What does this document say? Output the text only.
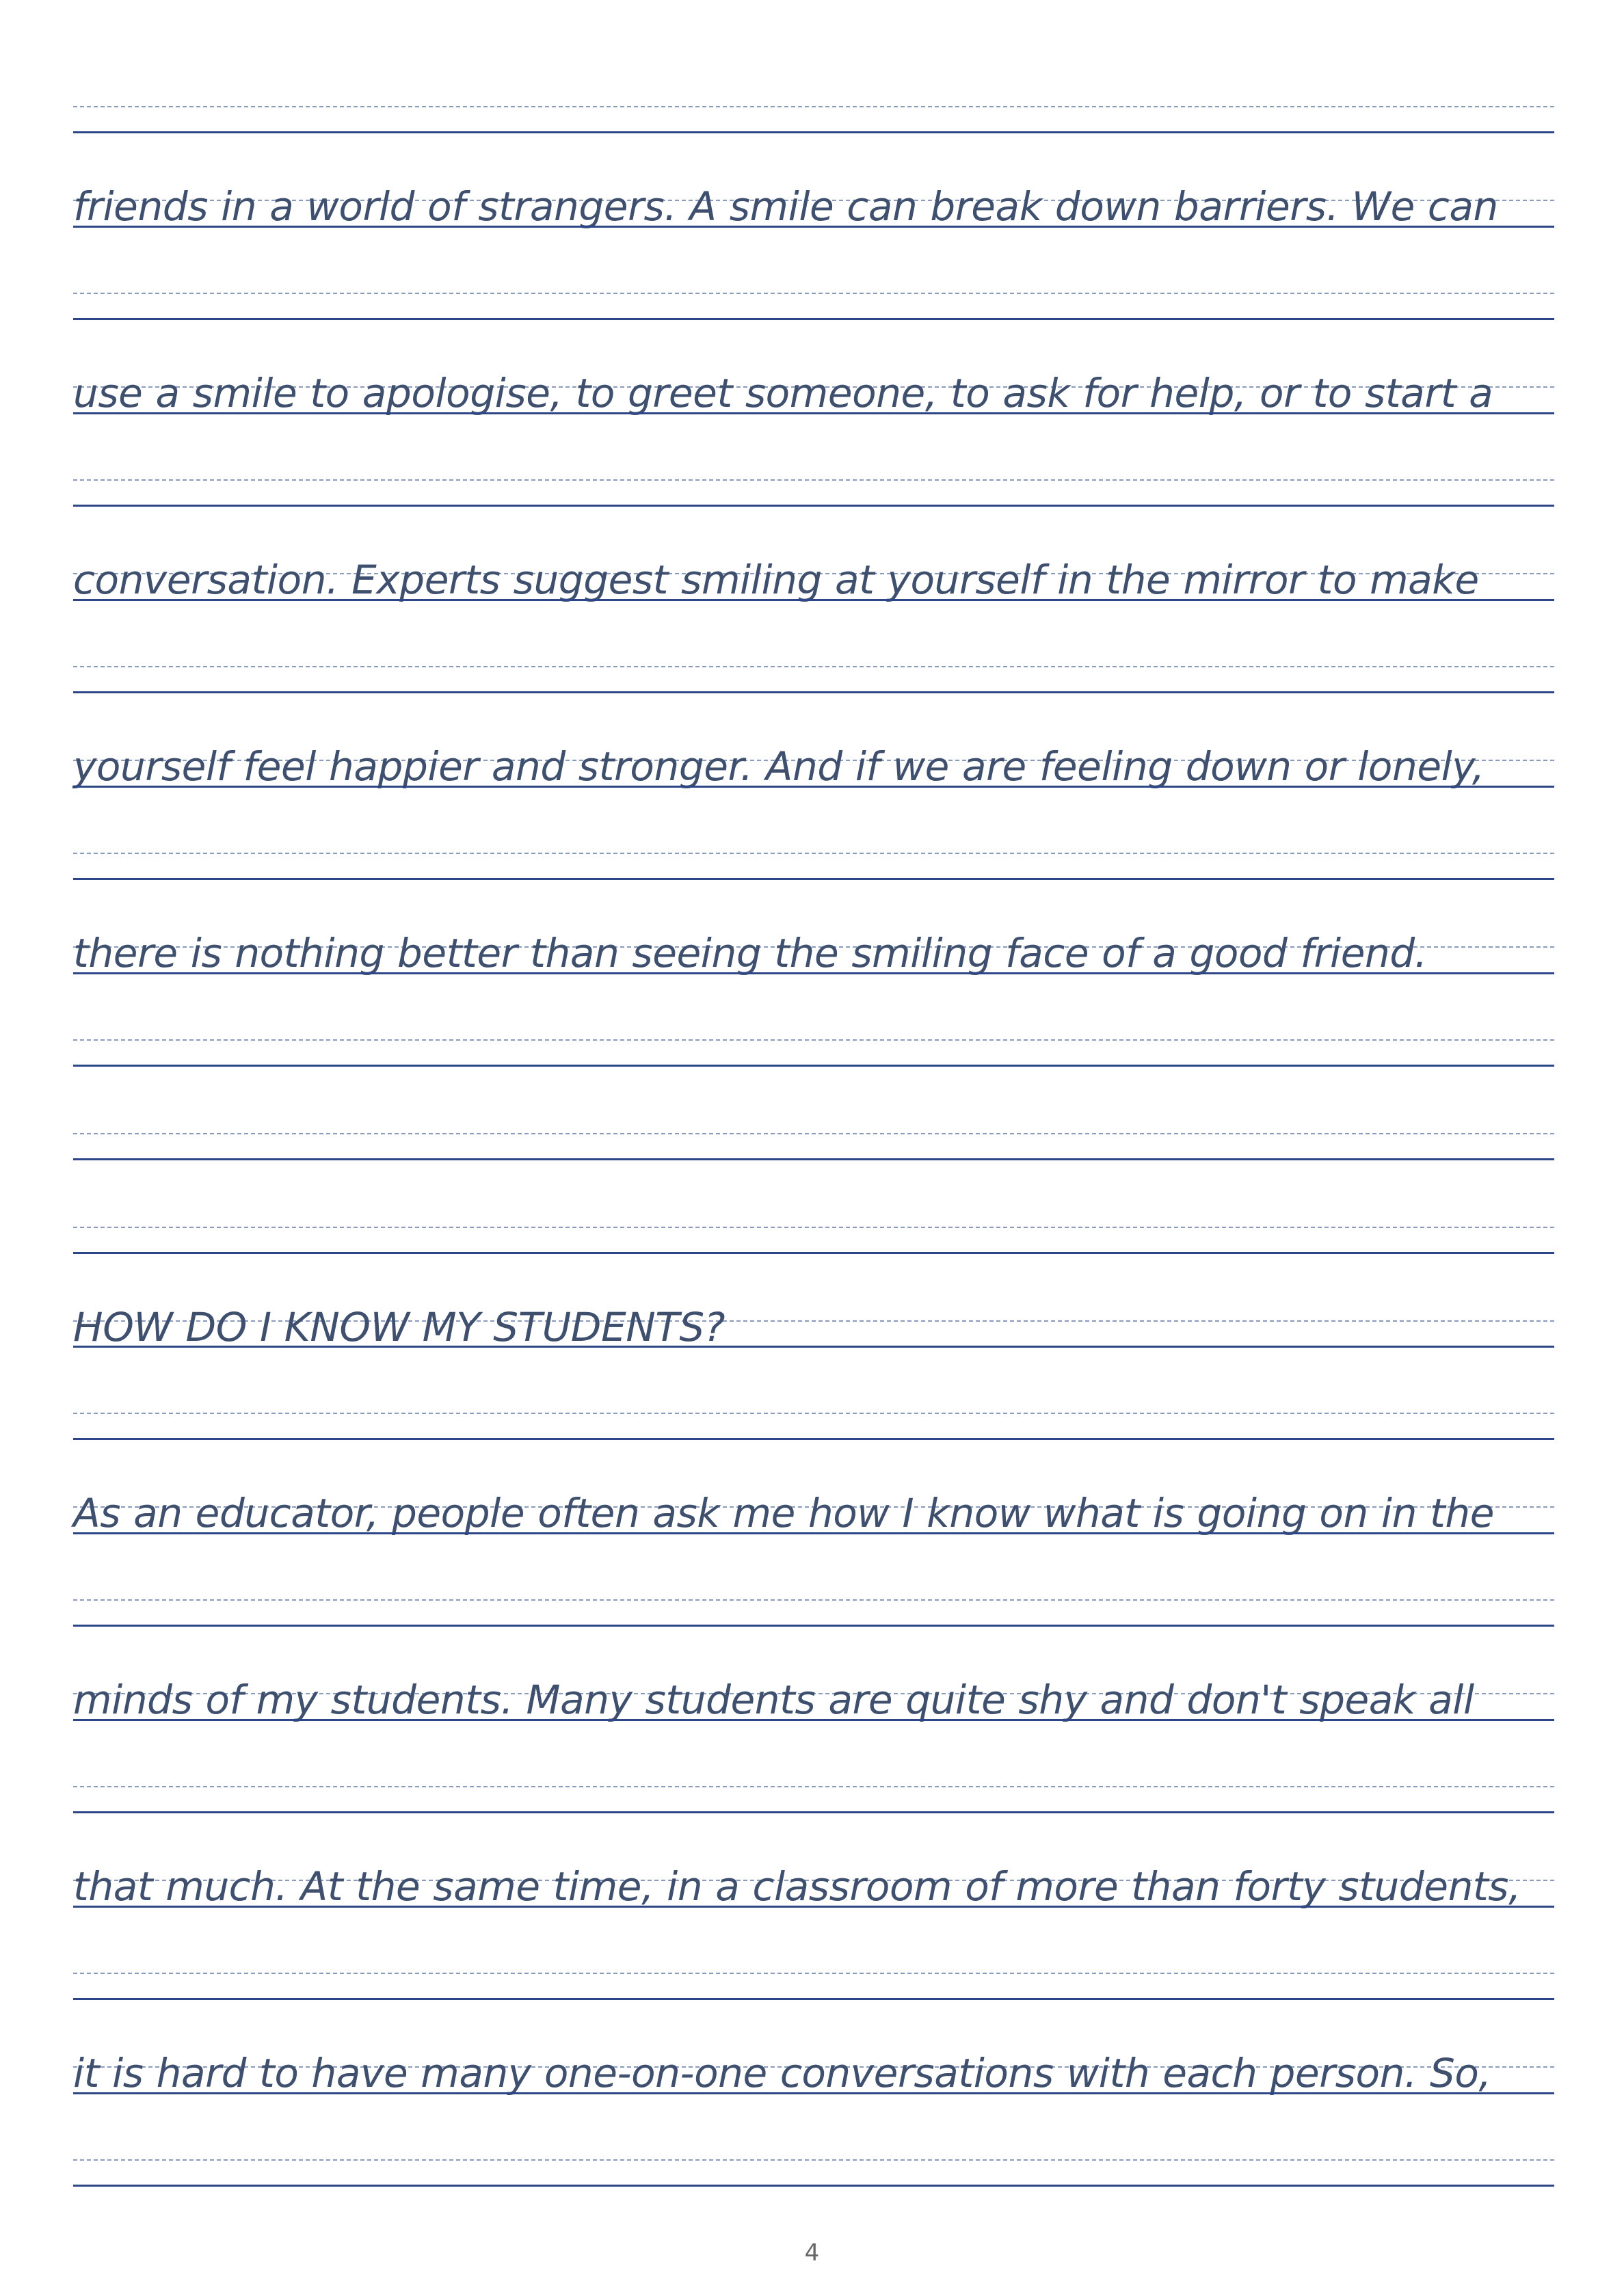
friends in a world of strangers. A smile can break down barriers. We can
use a smile to apologise, to greet someone, to ask for help, or to start a
conversation. Experts suggest smiling at yourself in the mirror to make
yourself feel happier and stronger. And if we are feeling down or lonely,
there is nothing better than seeing the smiling face of a good friend.
HOW DO I KNOW MY STUDENTS?
As an educator, people often ask me how I know what is going on in the
minds of my students. Many students are quite shy and don't speak all
that much. At the same time, in a classroom of more than forty students,
it is hard to have many one-on-one conversations with each person. So,
4
